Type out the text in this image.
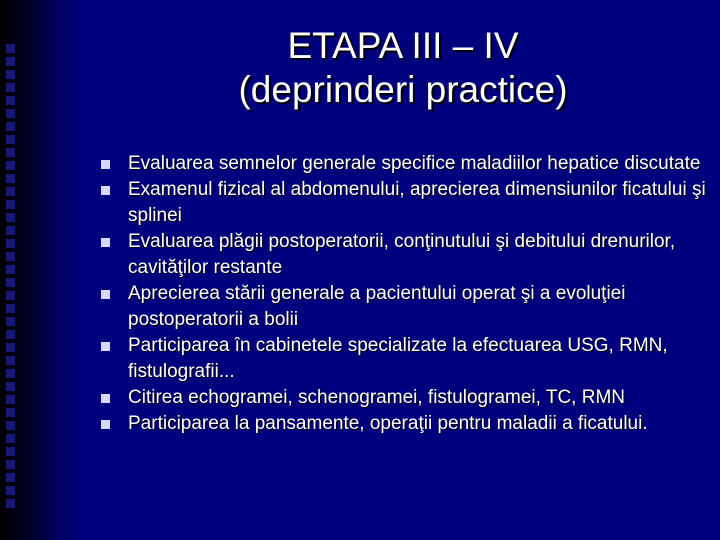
ETAPA III – IV
(deprinderi practice)
Evaluarea semnelor generale specifice maladiilor hepatice discutate
Examenul fizical al abdomenului, aprecierea dimensiunilor ficatului şi splinei
Evaluarea plăgii postoperatorii, conţinutului şi debitului drenurilor, cavităţilor restante
Aprecierea stării generale a pacientului operat şi a evoluţiei postoperatorii a bolii
Participarea în cabinetele specializate la efectuarea USG, RMN, fistulografii...
Citirea echogramei, schenogramei, fistulogramei, TC, RMN
Participarea la pansamente, operaţii pentru maladii a ficatului.
